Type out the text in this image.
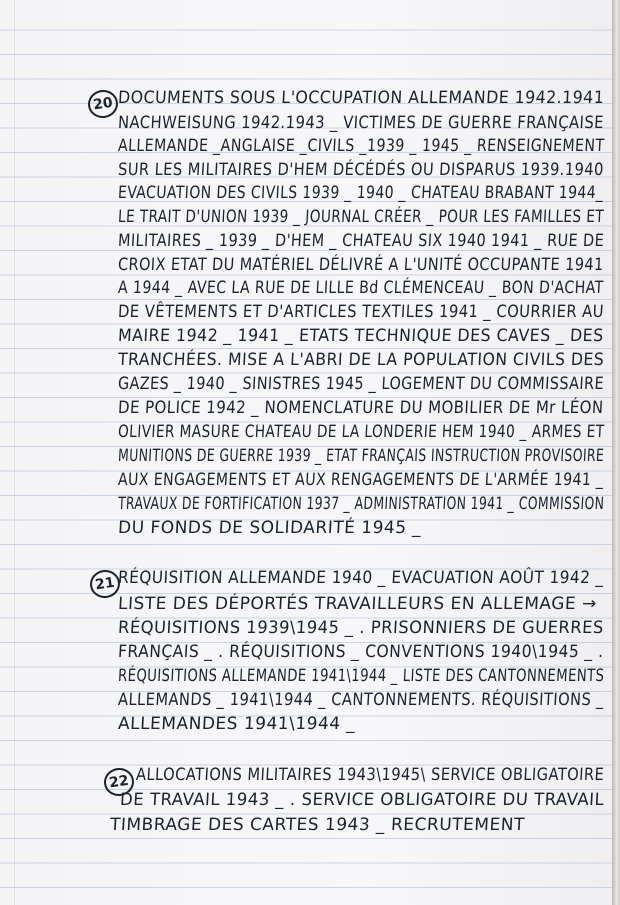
20 DOCUMENTS SOUS L'OCCUPATION ALLEMANDE 1942.1941
NACHWEISUNG 1942.1943 _ VICTIMES DE GUERRE FRANÇAISE
ALLEMANDE _ANGLAISE _CIVILS _1939 _ 1945 _ RENSEIGNEMENT
SUR LES MILITAIRES D'HEM DÉCÉDÉS OU DISPARUS 1939.1940
EVACUATION DES CIVILS 1939 _ 1940 _ CHATEAU BRABANT 1944_
LE TRAIT D'UNION 1939 _ JOURNAL CRÉER _ POUR LES FAMILLES ET
MILITAIRES _ 1939 _ D'HEM _ CHATEAU SIX 1940 1941 _ RUE DE
CROIX ETAT DU MATÉRIEL DÉLIVRÉ A L'UNITÉ OCCUPANTE 1941
A 1944 _ AVEC LA RUE DE LILLE Bd CLÉMENCEAU _ BON D'ACHAT
DE VÊTEMENTS ET D'ARTICLES TEXTILES 1941 _ COURRIER AU
MAIRE 1942 _ 1941 _ ETATS TECHNIQUE DES CAVES _ DES
TRANCHÉES. MISE A L'ABRI DE LA POPULATION CIVILS DES
GAZES _ 1940 _ SINISTRES 1945 _ LOGEMENT DU COMMISSAIRE
DE POLICE 1942 _ NOMENCLATURE DU MOBILIER DE Mr LÉON
OLIVIER MASURE CHATEAU DE LA LONDERIE HEM 1940 _ ARMES ET
MUNITIONS DE GUERRE 1939 _ ETAT FRANÇAIS INSTRUCTION PROVISOIRE
AUX ENGAGEMENTS ET AUX RENGAGEMENTS DE L'ARMÉE 1941 _
TRAVAUX DE FORTIFICATION 1937 _ ADMINISTRATION 1941 _ COMMISSION
DU FONDS DE SOLIDARITÉ 1945 _
21 RÉQUISITION ALLEMANDE 1940 _ EVACUATION AOÛT 1942 _
LISTE DES DÉPORTÉS TRAVAILLEURS EN ALLEMAGE →
RÉQUISITIONS 1939\1945 _ . PRISONNIERS DE GUERRES
FRANÇAIS _ . RÉQUISITIONS _ CONVENTIONS 1940\1945 _ .
RÉQUISITIONS ALLEMANDE 1941\1944 _ LISTE DES CANTONNEMENTS
ALLEMANDS _ 1941\1944 _ CANTONNEMENTS. RÉQUISITIONS _
ALLEMANDES 1941\1944 _
22 ALLOCATIONS MILITAIRES 1943\1945\ SERVICE OBLIGATOIRE
DE TRAVAIL 1943 _ . SERVICE OBLIGATOIRE DU TRAVAIL
TIMBRAGE DES CARTES 1943 _ RECRUTEMENT
